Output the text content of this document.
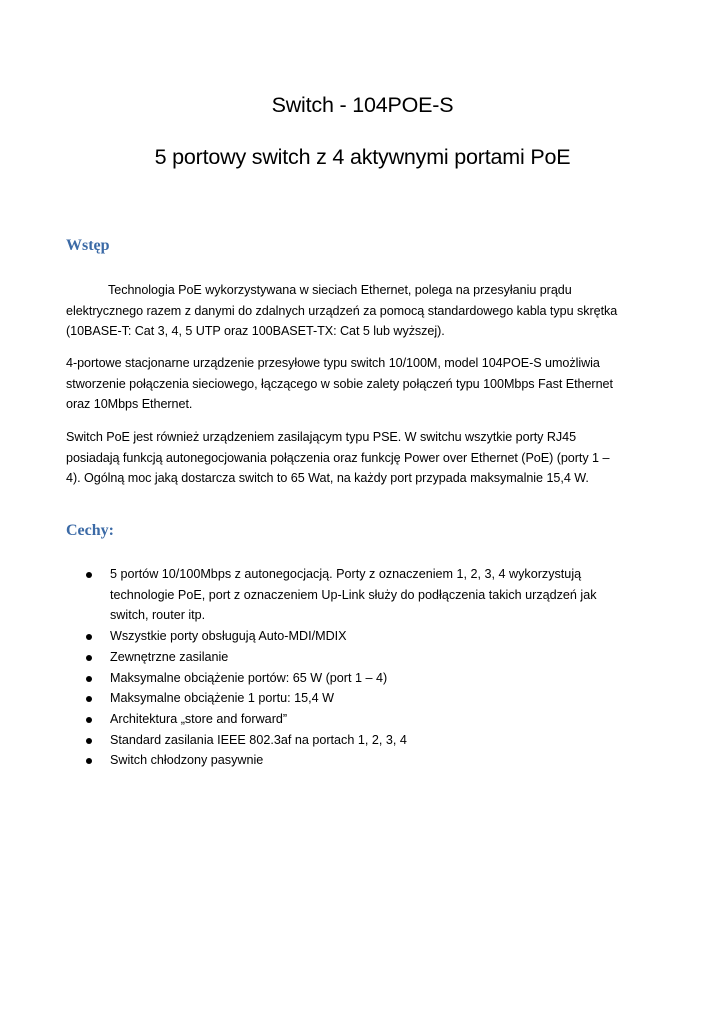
Switch - 104POE-S
5 portowy switch z 4 aktywnymi portami PoE
Wstęp

Technologia PoE wykorzystywana w sieciach Ethernet, polega na przesyłaniu prądu
elektrycznego razem z danymi do zdalnych urządzeń za pomocą standardowego kabla typu skrętka
(10BASE-T: Cat 3, 4, 5 UTP oraz 100BASET-TX: Cat 5 lub wyższej).

4-portowe stacjonarne urządzenie przesyłowe typu switch 10/100M, model 104POE-S umożliwia
stworzenie połączenia sieciowego, łączącego w sobie zalety połączeń typu 100Mbps Fast Ethernet
oraz 10Mbps Ethernet.

Switch PoE jest również urządzeniem zasilającym typu PSE. W switchu wszytkie porty RJ45
posiadają funkcją autonegocjowania połączenia oraz funkcję Power over Ethernet (PoE) (porty 1 –
4). Ogólną moc jaką dostarcza switch to 65 Wat, na każdy port przypada maksymalnie 15,4 W.

Cechy:
5 portów 10/100Mbps z autonegocjacją. Porty z oznaczeniem 1, 2, 3, 4 wykorzystują
technologie PoE, port z oznaczeniem Up-Link służy do podłączenia takich urządzeń jak
switch, router itp.
Wszystkie porty obsługują Auto-MDI/MDIX
Zewnętrzne zasilanie
Maksymalne obciążenie portów: 65 W (port 1 – 4)
Maksymalne obciążenie 1 portu: 15,4 W
Architektura „store and forward”
Standard zasilania IEEE 802.3af na portach 1, 2, 3, 4
Switch chłodzony pasywnie
